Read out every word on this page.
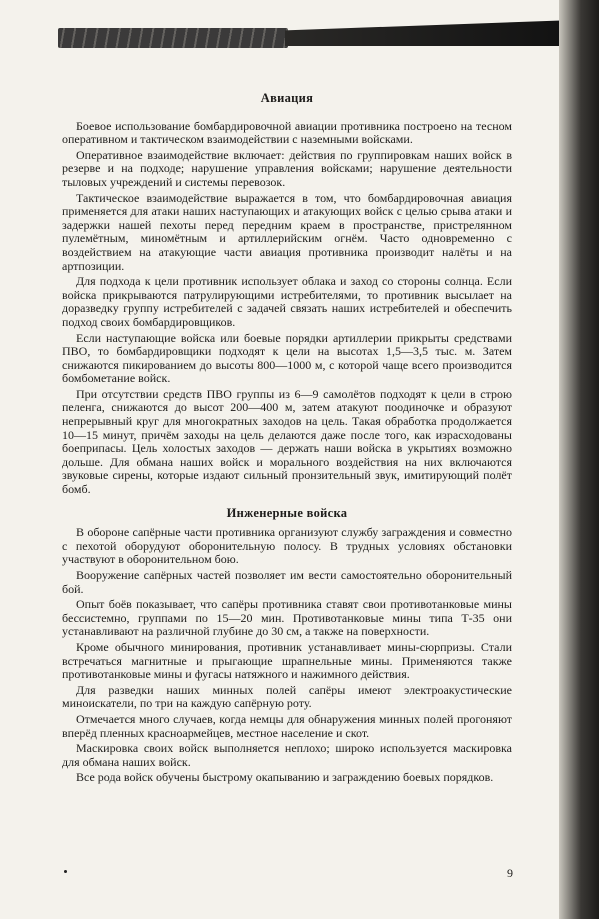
Авиация

Боевое использование бомбардировочной авиации противника построено на тесном оперативном и тактическом взаимодействии с наземными войсками.

Оперативное взаимодействие включает: действия по группировкам наших войск в резерве и на подходе; нарушение управления войсками; нарушение деятельности тыловых учреждений и системы перевозок.

Тактическое взаимодействие выражается в том, что бомбардировочная авиация применяется для атаки наших наступающих и атакующих войск с целью срыва атаки и задержки нашей пехоты перед передним краем в пространстве, пристрелянном пулемётным, миномётным и артиллерийским огнём. Часто одновременно с воздействием на атакующие части авиация противника производит налёты и на артпозиции.

Для подхода к цели противник использует облака и заход со стороны солнца. Если войска прикрываются патрулирующими истребителями, то противник высылает на доразведку группу истребителей с задачей связать наших истребителей и обеспечить подход своих бомбардировщиков.

Если наступающие войска или боевые порядки артиллерии прикрыты средствами ПВО, то бомбардировщики подходят к цели на высотах 1,5—3,5 тыс. м. Затем снижаются пикированием до высоты 800—1000 м, с которой чаще всего производится бомбометание войск.

При отсутствии средств ПВО группы из 6—9 самолётов подходят к цели в строю пеленга, снижаются до высот 200—400 м, затем атакуют поодиночке и образуют непрерывный круг для многократных заходов на цель. Такая обработка продолжается 10—15 минут, причём заходы на цель делаются даже после того, как израсходованы боеприпасы. Цель холостых заходов — держать наши войска в укрытиях возможно дольше. Для обмана наших войск и морального воздействия на них включаются звуковые сирены, которые издают сильный пронзительный звук, имитирующий полёт бомб.

Инженерные войска

В обороне сапёрные части противника организуют службу заграждения и совместно с пехотой оборудуют оборонительную полосу. В трудных условиях обстановки участвуют в оборонительном бою.

Вооружение сапёрных частей позволяет им вести самостоятельно оборонительный бой.

Опыт боёв показывает, что сапёры противника ставят свои противотанковые мины бессистемно, группами по 15—20 мин. Противотанковые мины типа Т-35 они устанавливают на различной глубине до 30 см, а также на поверхности.

Кроме обычного минирования, противник устанавливает мины-сюрпризы. Стали встречаться магнитные и прыгающие шрапнельные мины. Применяются также противотанковые мины и фугасы натяжного и нажимного действия.

Для разведки наших минных полей сапёры имеют электроакустические миноискатели, по три на каждую сапёрную роту.

Отмечается много случаев, когда немцы для обнаружения минных полей прогоняют вперёд пленных красноармейцев, местное население и скот.

Маскировка своих войск выполняется неплохо; широко используется маскировка для обмана наших войск.

Все рода войск обучены быстрому окапыванию и заграждению боевых порядков.

9
